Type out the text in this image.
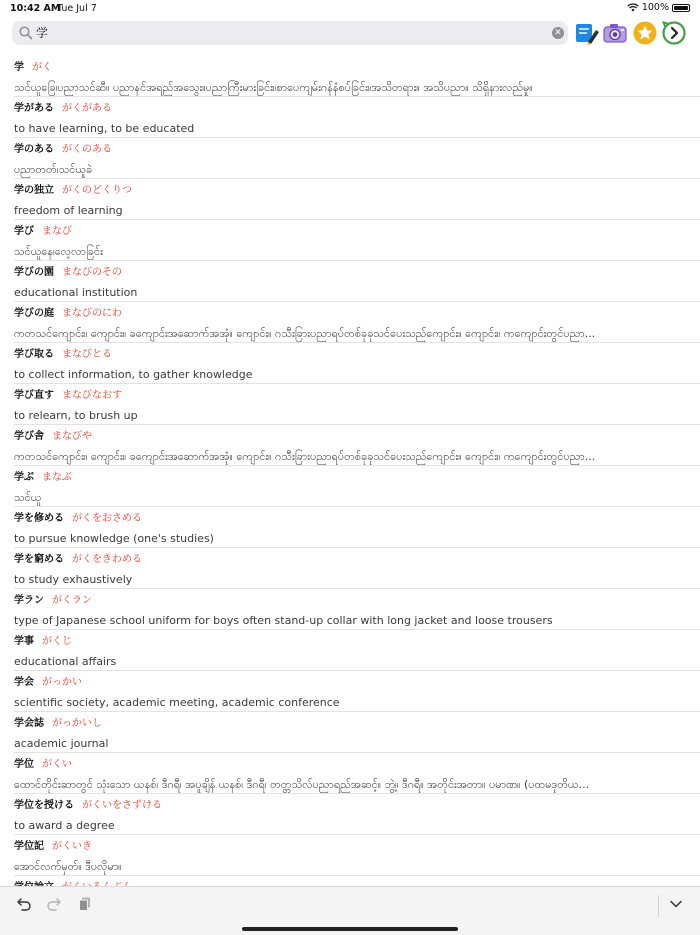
10:42 AM
Tue Jul 7	100%
学	✕
学 がく
သင်ယူခြေ၊ပညာသင်ဆီ။ ပညာနင်အရည်အသွေး။ပညာကြီးမားခြင်း။စာပေကျမ်းဂန်နံစပ်ခြင်း။အသိတရား။ အသိပညာ။ သိရှိနားလည်မှု။
学がある がくがある
to have learning, to be educated
学のある がくのある
ပညာတတ်၊သင်ယူခဲ
学の独立 がくのどくりつ
freedom of learning
学び まなび
သင်ယူနေ၊လေ့လာခြင်း
学びの園 まなびのその
educational institution
学びの庭 まなびのにわ
ကတသင်ကျောင်း။ ကျောင်း။ ခကျောင်းအဆောက်အအုံ။ ကျောင်း။ ဂသီးခြားပညာရပ်တစ်ခုခုသင်ပေးသည်ကျောင်း။ ကျောင်း။ ကကျောင်းတွင်ပညာ...
学び取る まなびとる
to collect information, to gather knowledge
学び直す まなびなおす
to relearn, to brush up
学び舎 まなびや
ကတသင်ကျောင်း။ ကျောင်း။ ခကျောင်းအဆောက်အအုံ။ ကျောင်း။ ဂသီးခြားပညာရပ်တစ်ခုခုသင်ပေးသည်ကျောင်း။ ကျောင်း။ ကကျောင်းတွင်ပညာ...
学ぶ まなぶ
သင်ယူ
学を修める がくをおさめる
to pursue knowledge (one's studies)
学を窮める がくをきわめる
to study exhaustively
学ラン がくラン
type of Japanese school uniform for boys often stand-up collar with long jacket and loose trousers
学事 がくじ
educational affairs
学会 がっかい
scientific society, academic meeting, academic conference
学会誌 がっかいし
academic journal
学位 がくい
ထောင်တိုင်းဆာတွင် သုံးသော ယနစ်၊ ဒီဂရီ၊ အပူချိန် ယနစ်၊ ဒီဂရီ၊ တတ္တသိလ်ပညာရည်အဆင့်။ ဘွဲ့။ ဒီဂရီ။ အတိုင်းအတာ။ ပမာဏ။ (ပထမဒုတိယ...
学位を授ける がくいをさずける
to award a degree
学位記 がくいき
အောင်လက်မှတ်။ ဒီပလိုမာ။
